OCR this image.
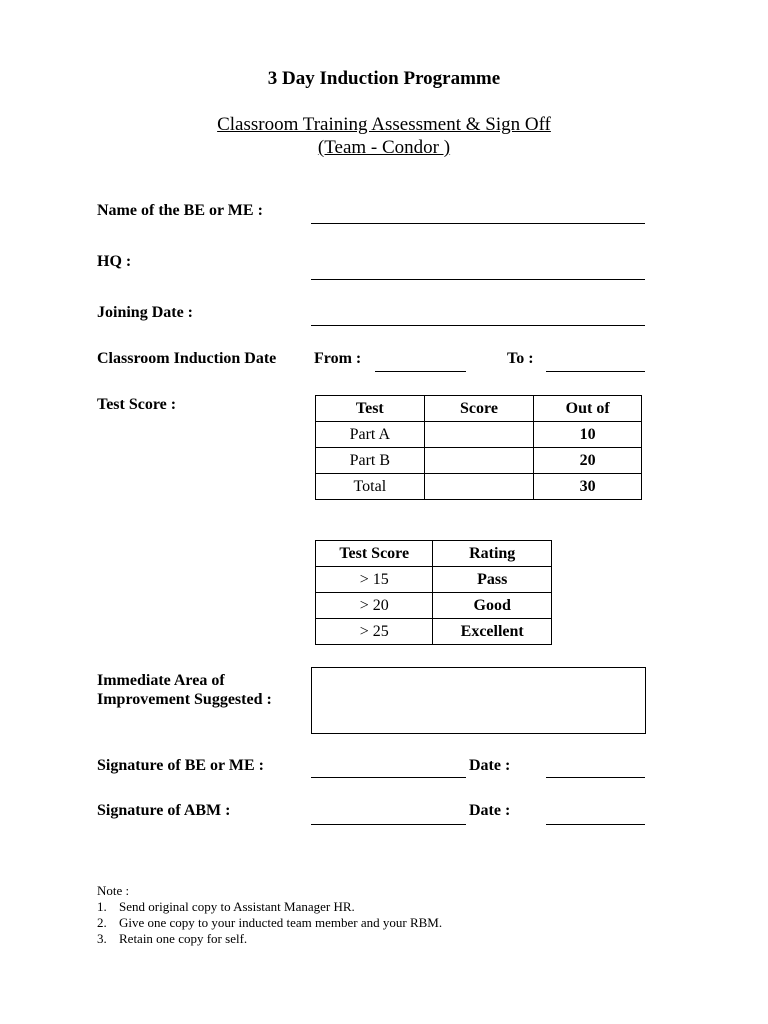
3 Day Induction Programme
Classroom Training Assessment & Sign Off
(Team - Condor )
Name of the BE or ME :
HQ :
Joining Date :
Classroom Induction Date From :	To :
Test Score :	Test	Score	Out of
Part A		10
Part B		20
Total		30
Test Score	Rating
> 15	Pass
> 20	Good
> 25	Excellent
Immediate Area of
Improvement Suggested :
Signature of BE or ME :	Date :
Signature of ABM :	Date :
Note :
1. Send original copy to Assistant Manager HR.
2. Give one copy to your inducted team member and your RBM.
3. Retain one copy for self.
